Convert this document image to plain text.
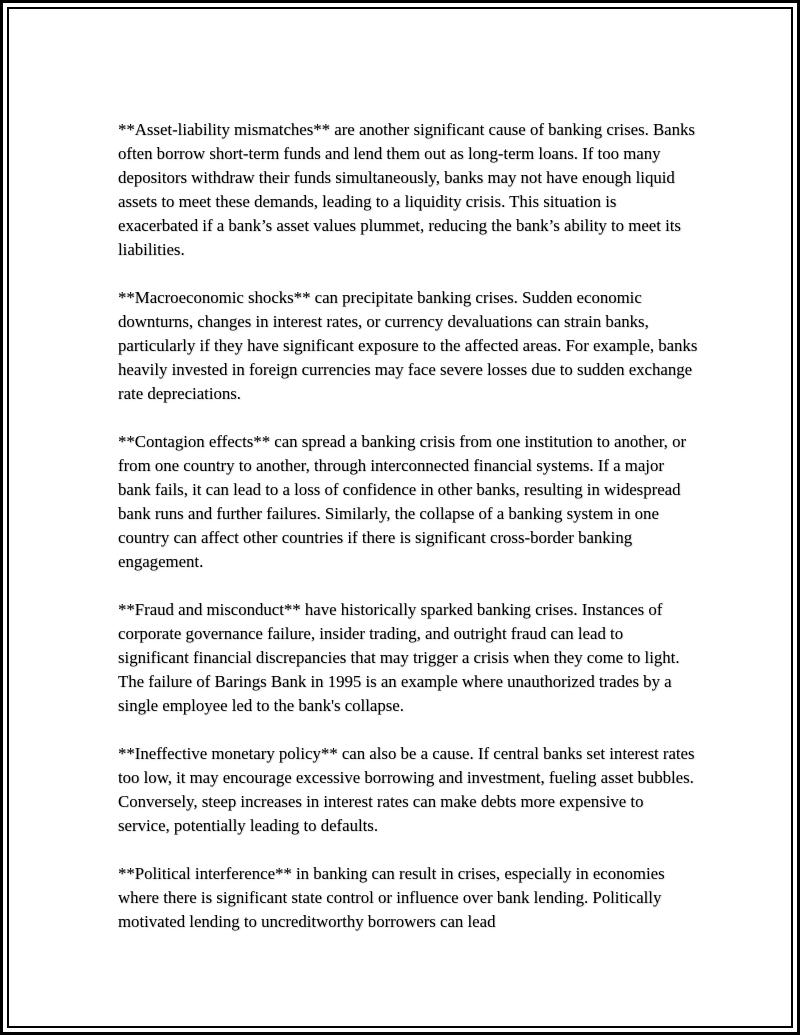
**Asset-liability mismatches** are another significant cause of banking crises. Banks often borrow short-term funds and lend them out as long-term loans. If too many depositors withdraw their funds simultaneously, banks may not have enough liquid assets to meet these demands, leading to a liquidity crisis. This situation is exacerbated if a bank’s asset values plummet, reducing the bank’s ability to meet its liabilities.

**Macroeconomic shocks** can precipitate banking crises. Sudden economic downturns, changes in interest rates, or currency devaluations can strain banks, particularly if they have significant exposure to the affected areas. For example, banks heavily invested in foreign currencies may face severe losses due to sudden exchange rate depreciations.

**Contagion effects** can spread a banking crisis from one institution to another, or from one country to another, through interconnected financial systems. If a major bank fails, it can lead to a loss of confidence in other banks, resulting in widespread bank runs and further failures. Similarly, the collapse of a banking system in one country can affect other countries if there is significant cross-border banking engagement.

**Fraud and misconduct** have historically sparked banking crises. Instances of corporate governance failure, insider trading, and outright fraud can lead to significant financial discrepancies that may trigger a crisis when they come to light. The failure of Barings Bank in 1995 is an example where unauthorized trades by a single employee led to the bank's collapse.

**Ineffective monetary policy** can also be a cause. If central banks set interest rates too low, it may encourage excessive borrowing and investment, fueling asset bubbles. Conversely, steep increases in interest rates can make debts more expensive to service, potentially leading to defaults.

**Political interference** in banking can result in crises, especially in economies where there is significant state control or influence over bank lending. Politically motivated lending to uncreditworthy borrowers can lead
